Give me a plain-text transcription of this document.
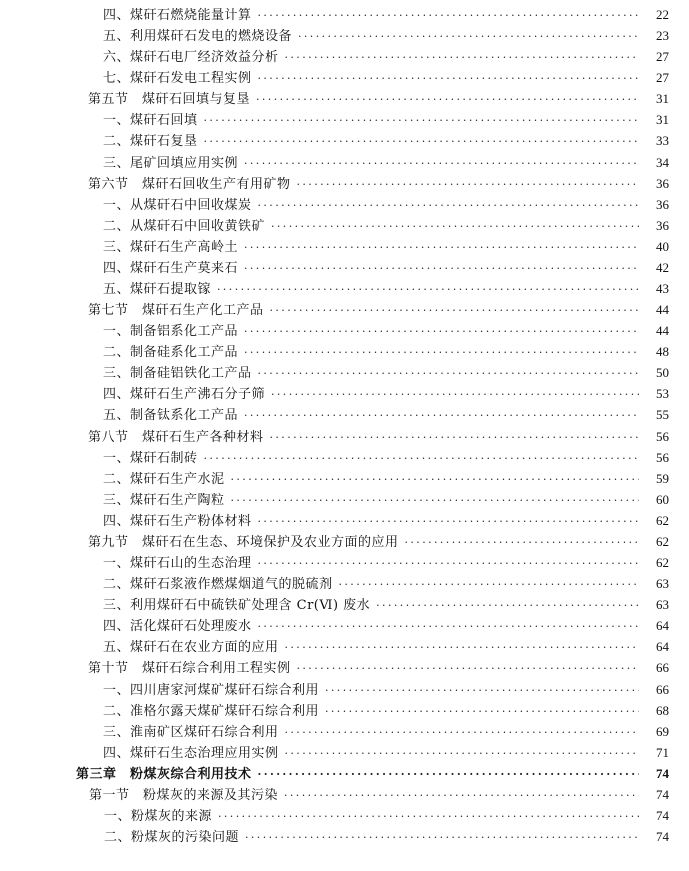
四、煤矸石燃烧能量计算 ·····	22
五、利用煤矸石发电的燃烧设备 ·····	23
六、煤矸石电厂经济效益分析 ·····	27
七、煤矸石发电工程实例 ·····	27
第五节　煤矸石回填与复垦 ·····	31
一、煤矸石回填 ·····	31
二、煤矸石复垦 ·····	33
三、尾矿回填应用实例 ·····	34
第六节　煤矸石回收生产有用矿物 ·····	36
一、从煤矸石中回收煤炭 ·····	36
二、从煤矸石中回收黄铁矿 ·····	36
三、煤矸石生产高岭土 ·····	40
四、煤矸石生产莫来石 ·····	42
五、煤矸石提取镓 ·····	43
第七节　煤矸石生产化工产品 ·····	44
一、制备铝系化工产品 ·····	44
二、制备硅系化工产品 ·····	48
三、制备硅铝铁化工产品 ·····	50
四、煤矸石生产沸石分子筛 ·····	53
五、制备钛系化工产品 ·····	55
第八节　煤矸石生产各种材料 ·····	56
一、煤矸石制砖 ·····	56
二、煤矸石生产水泥 ·····	59
三、煤矸石生产陶粒 ·····	60
四、煤矸石生产粉体材料 ·····	62
第九节　煤矸石在生态、环境保护及农业方面的应用 ·····	62
一、煤矸石山的生态治理 ·····	62
二、煤矸石浆液作燃煤烟道气的脱硫剂 ·····	63
三、利用煤矸石中硫铁矿处理含 Cr(Ⅵ) 废水 ·····	63
四、活化煤矸石处理废水 ·····	64
五、煤矸石在农业方面的应用 ·····	64
第十节　煤矸石综合利用工程实例 ·····	66
一、四川唐家河煤矿煤矸石综合利用 ·····	66
二、准格尔露天煤矿煤矸石综合利用 ·····	68
三、淮南矿区煤矸石综合利用 ·····	69
四、煤矸石生态治理应用实例 ·····	71
第三章　粉煤灰综合利用技术 ·····	74
第一节　粉煤灰的来源及其污染 ·····	74
一、粉煤灰的来源 ·····	74
二、粉煤灰的污染问题 ·····	74
